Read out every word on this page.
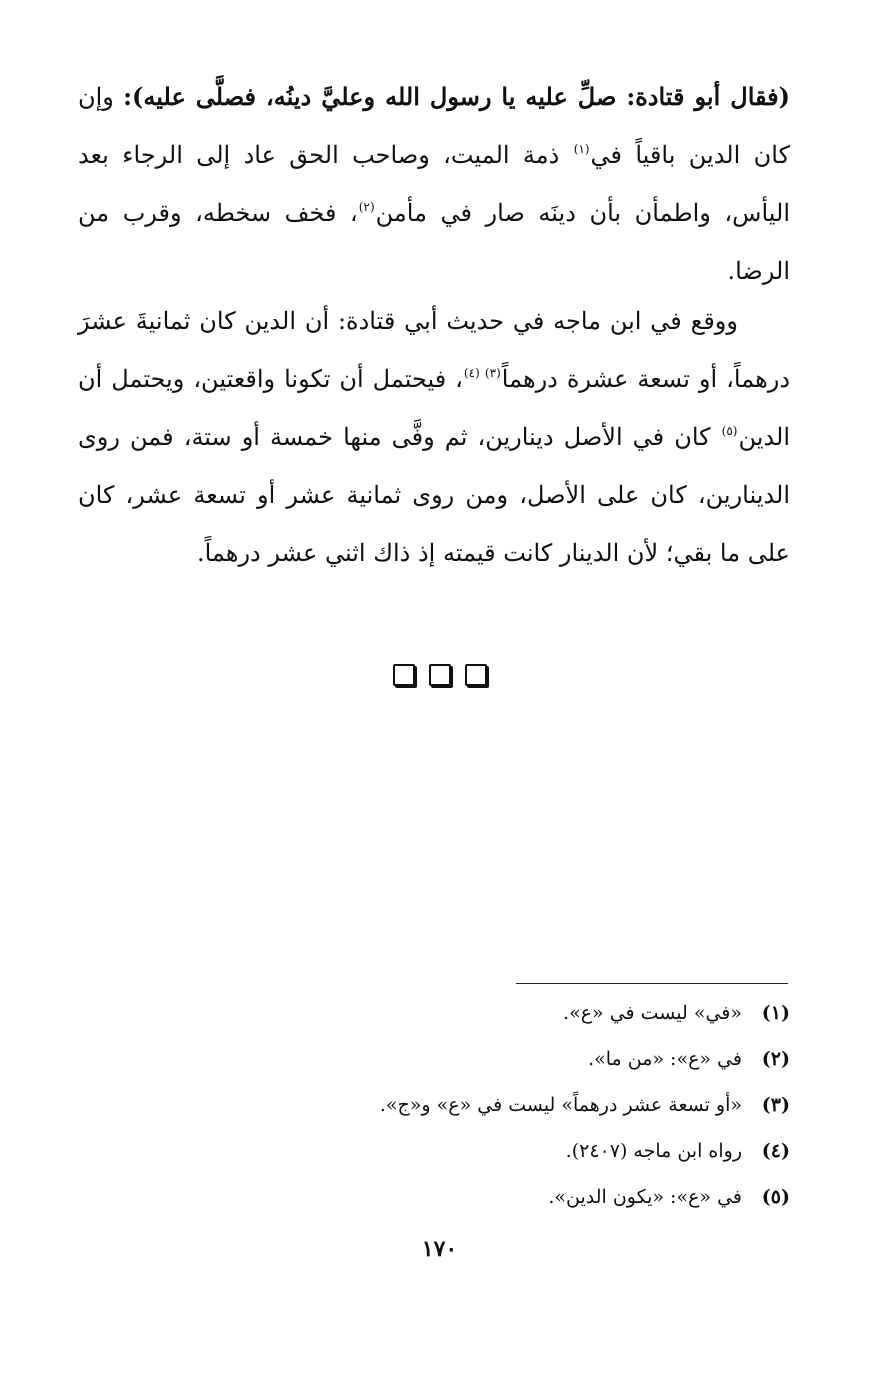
(فقال أبو قتادة: صلِّ عليه يا رسول الله وعليَّ دينُه، فصلَّى عليه): وإن كان الدين باقياً في$^{(١)}$ ذمة الميت، وصاحب الحق عاد إلى الرجاء بعد اليأس، واطمأن بأن دينَه صار في مأمن$^{(٢)}$، فخف سخطه، وقرب من الرضا.

ووقع في ابن ماجه في حديث أبي قتادة: أن الدين كان ثمانيةَ عشرَ درهماً، أو تسعة عشرة درهماً$^{(٣) (٤)}$، فيحتمل أن تكونا واقعتين، ويحتمل أن الدين$^{(٥)}$ كان في الأصل دينارين، ثم وفَّى منها خمسة أو ستة، فمن روى الدينارين، كان على الأصل، ومن روى ثمانية عشر أو تسعة عشر، كان على ما بقي؛ لأن الدينار كانت قيمته إذ ذاك اثني عشر درهماً.

(١)«في» ليست في «ع».
(٢)في «ع»: «من ما».
(٣)«أو تسعة عشر درهماً» ليست في «ع» و«ج».
(٤)رواه ابن ماجه (٢٤٠٧).
(٥)في «ع»: «يكون الدين».
١٧٠
